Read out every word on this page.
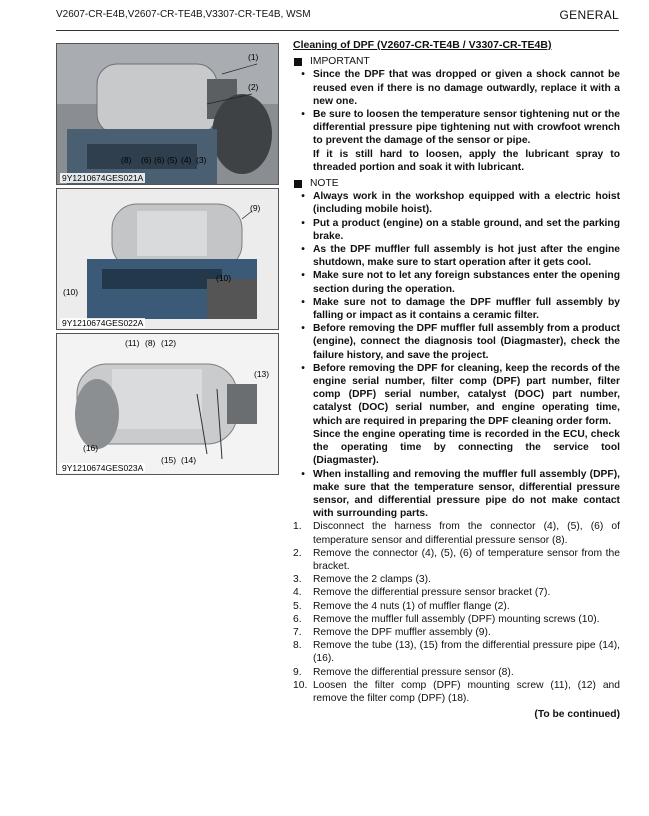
V2607-CR-E4B,V2607-CR-TE4B,V3307-CR-TE4B, WSM	GENERAL
(1)
(2)
(8) (6) (6) (5) (4) (3)
9Y1210674GES021A
(9)
(10)
(10)
9Y1210674GES022A
(11) (8) (12)
(13)
(16)
(15) (14)
9Y1210674GES023A
Cleaning of DPF (V2607-CR-TE4B / V3307-CR-TE4B)
IMPORTANT
• Since the DPF that was dropped or given a shock cannot be reused even if there is no damage outwardly, replace it with a new one.
• Be sure to loosen the temperature sensor tightening nut or the differential pressure pipe tightening nut with crowfoot wrench to prevent the damage of the sensor or pipe.
If it is still hard to loosen, apply the lubricant spray to threaded portion and soak it with lubricant.
NOTE
• Always work in the workshop equipped with a electric hoist (including mobile hoist).
• Put a product (engine) on a stable ground, and set the parking brake.
• As the DPF muffler full assembly is hot just after the engine shutdown, make sure to start operation after it gets cool.
• Make sure not to let any foreign substances enter the opening section during the operation.
• Make sure not to damage the DPF muffler full assembly by falling or impact as it contains a ceramic filter.
• Before removing the DPF muffler full assembly from a product (engine), connect the diagnosis tool (Diagmaster), check the failure history, and save the project.
• Before removing the DPF for cleaning, keep the records of the engine serial number, filter comp (DPF) part number, filter comp (DPF) serial number, catalyst (DOC) part number, catalyst (DOC) serial number, and engine operating time, which are required in preparing the DPF cleaning order form.
Since the engine operating time is recorded in the ECU, check the operating time by connecting the service tool (Diagmaster).
• When installing and removing the muffler full assembly (DPF), make sure that the temperature sensor, differential pressure sensor, and differential pressure pipe do not make contact with surrounding parts.
1.	Disconnect the harness from the connector (4), (5), (6) of temperature sensor and differential pressure sensor (8).
2.	Remove the connector (4), (5), (6) of temperature sensor from the bracket.
3.	Remove the 2 clamps (3).
4.	Remove the differential pressure sensor bracket (7).
5.	Remove the 4 nuts (1) of muffler flange (2).
6.	Remove the muffler full assembly (DPF) mounting screws (10).
7.	Remove the DPF muffler assembly (9).
8.	Remove the tube (13), (15) from the differential pressure pipe (14), (16).
9.	Remove the differential pressure sensor (8).
10. Loosen the filter comp (DPF) mounting screw (11), (12) and remove the filter comp (DPF) (18).
(To be continued)
